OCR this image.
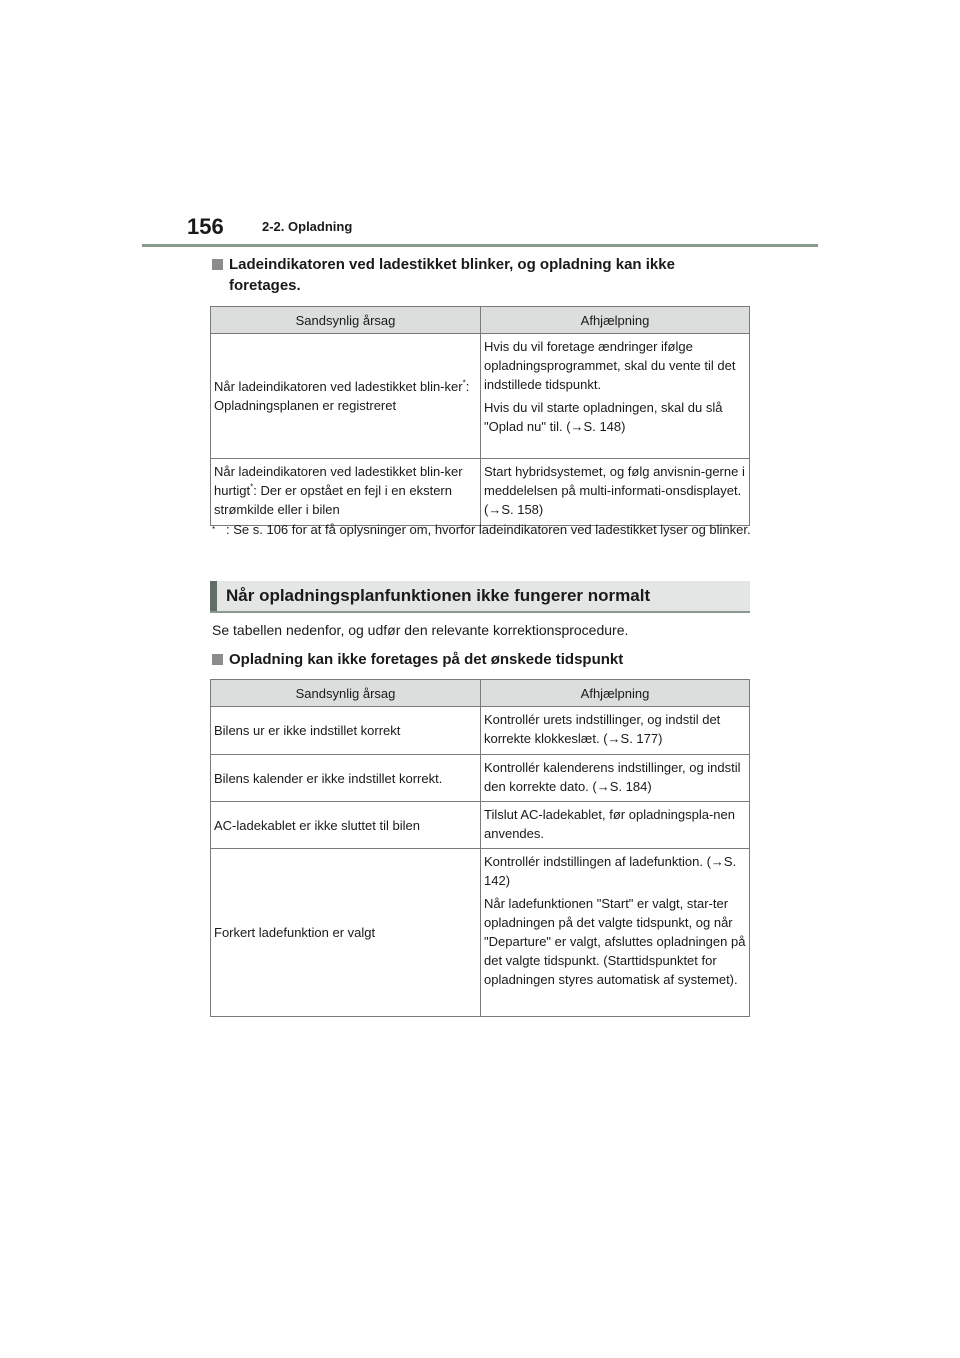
156	2-2. Opladning
Ladeindikatoren ved ladestikket blinker, og opladning kan ikke foretages.
Sandsynlig årsag	Afhjælpning
Når ladeindikatoren ved ladestikket blin-ker*: Opladningsplanen er registreret	Hvis du vil foretage ændringer ifølge opladningsprogrammet, skal du vente til det indstillede tidspunkt.

Hvis du vil starte opladningen, skal du slå "Oplad nu" til. (→S. 148)

Når ladeindikatoren ved ladestikket blin-ker hurtigt*: Der er opstået en fejl i en ekstern strømkilde eller i bilen	Start hybridsystemet, og følg anvisnin-gerne i meddelelsen på multi-informati-onsdisplayet. (→S. 158)

* : Se s. 106 for at få oplysninger om, hvorfor ladeindikatoren ved ladestikket lyser og blinker.
Når opladningsplanfunktionen ikke fungerer normalt
Se tabellen nedenfor, og udfør den relevante korrektionsprocedure.
Opladning kan ikke foretages på det ønskede tidspunkt
Sandsynlig årsag	Afhjælpning
Bilens ur er ikke indstillet korrekt	Kontrollér urets indstillinger, og indstil det korrekte klokkeslæt. (→S. 177)

Bilens kalender er ikke indstillet korrekt.	Kontrollér kalenderens indstillinger, og indstil den korrekte dato. (→S. 184)

AC-ladekablet er ikke sluttet til bilen	Tilslut AC-ladekablet, før opladningspla-nen anvendes.

Forkert ladefunktion er valgt	Kontrollér indstillingen af ladefunktion. (→S. 142)

Når ladefunktionen "Start" er valgt, star-ter opladningen på det valgte tidspunkt, og når "Departure" er valgt, afsluttes opladningen på det valgte tidspunkt. (Starttidspunktet for opladningen styres automatisk af systemet).
